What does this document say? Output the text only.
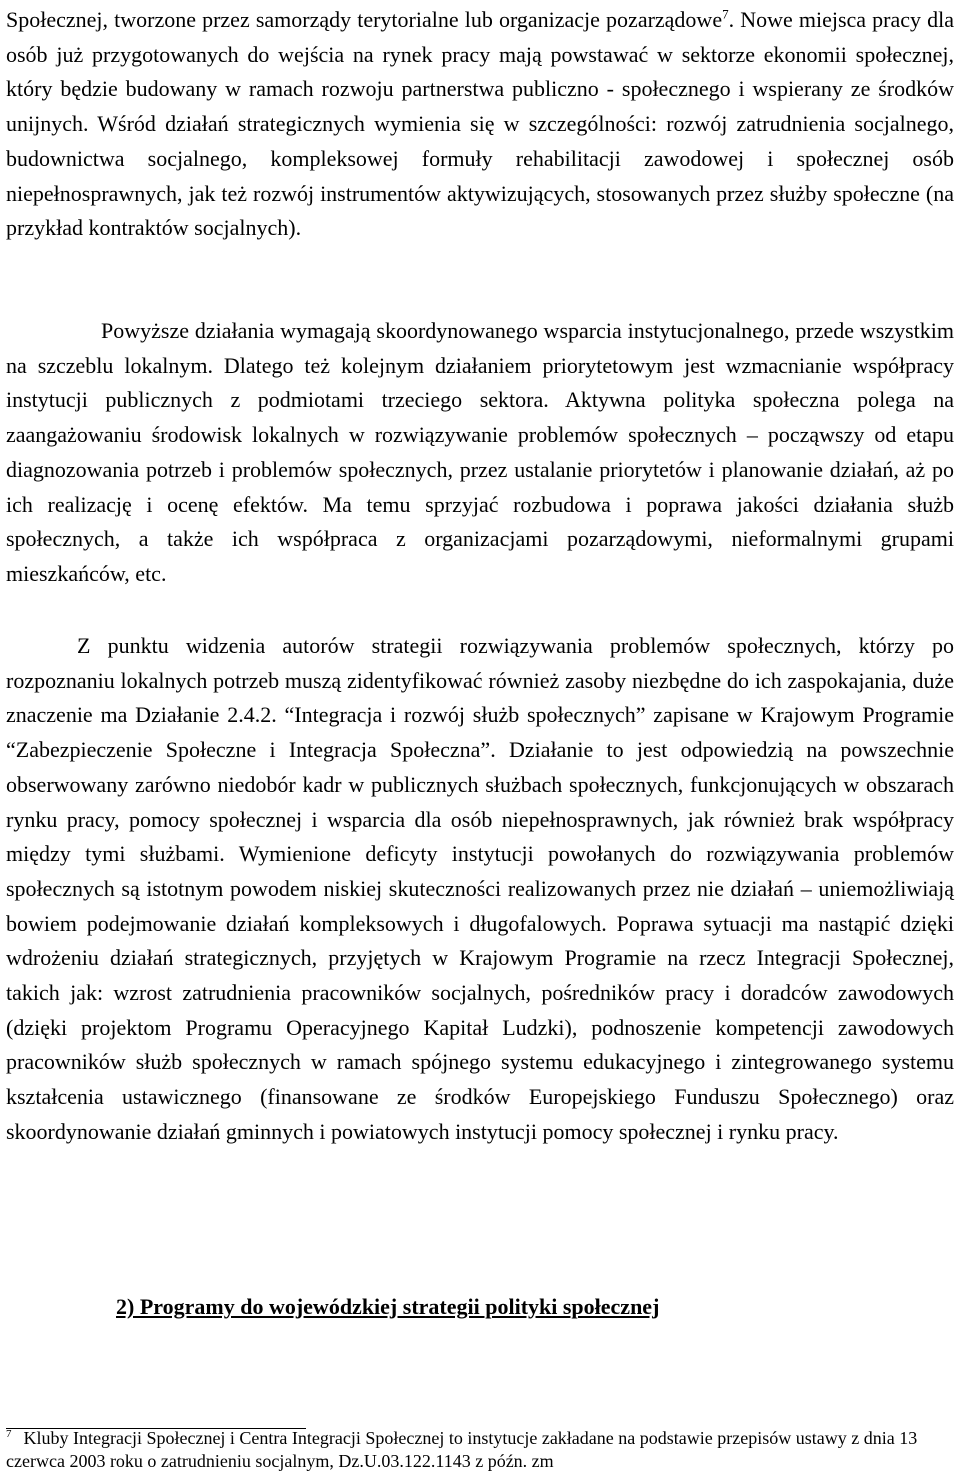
Społecznej, tworzone przez samorządy terytorialne lub organizacje pozarządowe$^7$. Nowe miejsca pracy dla osób już przygotowanych do wejścia na rynek pracy mają powstawać w sektorze ekonomii społecznej, który będzie budowany w ramach rozwoju partnerstwa publiczno - społecznego i wspierany ze środków unijnych. Wśród działań strategicznych wymienia się w szczególności: rozwój zatrudnienia socjalnego, budownictwa socjalnego, kompleksowej formuły rehabilitacji zawodowej i społecznej osób niepełnosprawnych, jak też rozwój instrumentów aktywizujących, stosowanych przez służby społeczne (na przykład kontraktów socjalnych).

Powyższe działania wymagają skoordynowanego wsparcia instytucjonalnego, przede wszystkim na szczeblu lokalnym. Dlatego też kolejnym działaniem priorytetowym jest wzmacnianie współpracy instytucji publicznych z podmiotami trzeciego sektora. Aktywna polityka społeczna polega na zaangażowaniu środowisk lokalnych w rozwiązywanie problemów społecznych – począwszy od etapu diagnozowania potrzeb i problemów społecznych, przez ustalanie priorytetów i planowanie działań, aż po ich realizację i ocenę efektów. Ma temu sprzyjać rozbudowa i poprawa jakości działania służb społecznych, a także ich współpraca z organizacjami pozarządowymi, nieformalnymi grupami mieszkańców, etc.

Z punktu widzenia autorów strategii rozwiązywania problemów społecznych, którzy po rozpoznaniu lokalnych potrzeb muszą zidentyfikować również zasoby niezbędne do ich zaspokajania, duże znaczenie ma Działanie 2.4.2. “Integracja i rozwój służb społecznych” zapisane w Krajowym Programie “Zabezpieczenie Społeczne i Integracja Społeczna”. Działanie to jest odpowiedzią na powszechnie obserwowany zarówno niedobór kadr w publicznych służbach społecznych, funkcjonujących w obszarach rynku pracy, pomocy społecznej i wsparcia dla osób niepełnosprawnych, jak również brak współpracy między tymi służbami. Wymienione deficyty instytucji powołanych do rozwiązywania problemów społecznych są istotnym powodem niskiej skuteczności realizowanych przez nie działań – uniemożliwiają bowiem podejmowanie działań kompleksowych i długofalowych. Poprawa sytuacji ma nastąpić dzięki wdrożeniu działań strategicznych, przyjętych w Krajowym Programie na rzecz Integracji Społecznej, takich jak: wzrost zatrudnienia pracowników socjalnych, pośredników pracy i doradców zawodowych (dzięki projektom Programu Operacyjnego Kapitał Ludzki), podnoszenie kompetencji zawodowych pracowników służb społecznych w ramach spójnego systemu edukacyjnego i zintegrowanego systemu kształcenia ustawicznego (finansowane ze środków Europejskiego Funduszu Społecznego) oraz skoordynowanie działań gminnych i powiatowych instytucji pomocy społecznej i rynku pracy.

2) Programy do wojewódzkiej strategii polityki społecznej

$^7$ Kluby Integracji Społecznej i Centra Integracji Społecznej to instytucje zakładane na podstawie przepisów ustawy z dnia 13 czerwca 2003 roku o zatrudnieniu socjalnym, Dz.U.03.122.1143 z późn. zm
